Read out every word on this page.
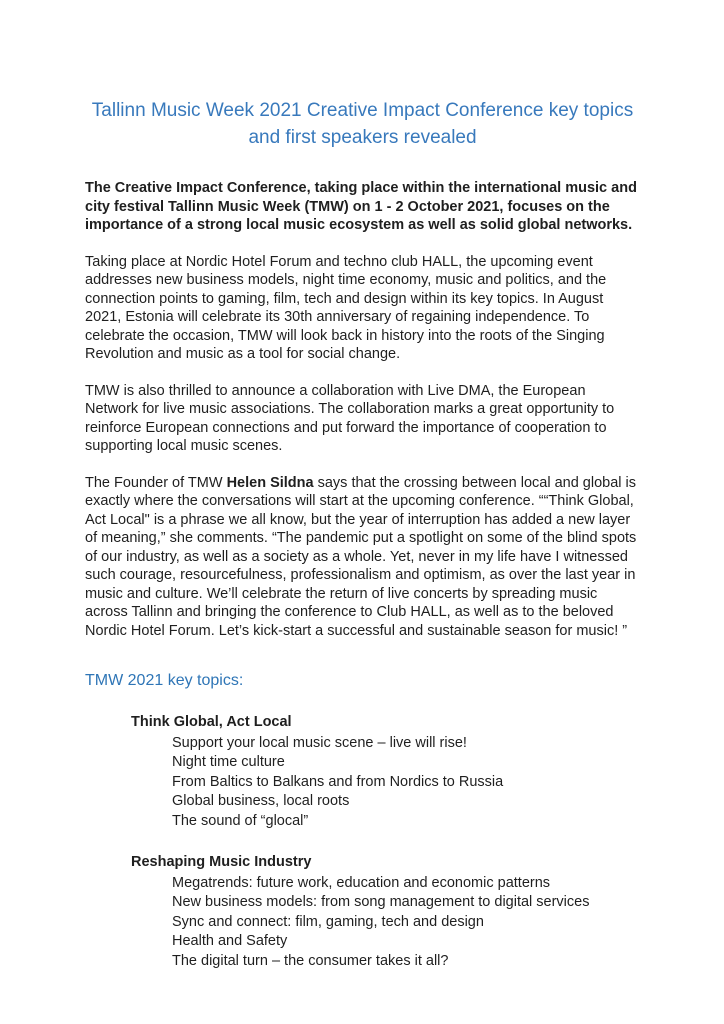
Tallinn Music Week 2021 Creative Impact Conference key topics and first speakers revealed

The Creative Impact Conference, taking place within the international music and city festival Tallinn Music Week (TMW) on 1 - 2 October 2021, focuses on the importance of a strong local music ecosystem as well as solid global networks.

Taking place at Nordic Hotel Forum and techno club HALL, the upcoming event addresses new business models, night time economy, music and politics, and the connection points to gaming, film, tech and design within its key topics. In August 2021, Estonia will celebrate its 30th anniversary of regaining independence. To celebrate the occasion, TMW will look back in history into the roots of the Singing Revolution and music as a tool for social change.

TMW is also thrilled to announce a collaboration with Live DMA, the European Network for live music associations. The collaboration marks a great opportunity to reinforce European connections and put forward the importance of cooperation to supporting local music scenes.

The Founder of TMW Helen Sildna says that the crossing between local and global is exactly where the conversations will start at the upcoming conference. ““Think Global, Act Local" is a phrase we all know, but the year of interruption has added a new layer of meaning,” she comments. “The pandemic put a spotlight on some of the blind spots of our industry, as well as a society as a whole. Yet, never in my life have I witnessed such courage, resourcefulness, professionalism and optimism, as over the last year in music and culture. We’ll celebrate the return of live concerts by spreading music across Tallinn and bringing the conference to Club HALL, as well as to the beloved Nordic Hotel Forum. Let’s kick-start a successful and sustainable season for music! ”

TMW 2021 key topics:
Think Global, Act Local
Support your local music scene – live will rise!
Night time culture
From Baltics to Balkans and from Nordics to Russia
Global business, local roots
The sound of “glocal”
Reshaping Music Industry
Megatrends: future work, education and economic patterns
New business models: from song management to digital services
Sync and connect: film, gaming, tech and design
Health and Safety
The digital turn – the consumer takes it all?
